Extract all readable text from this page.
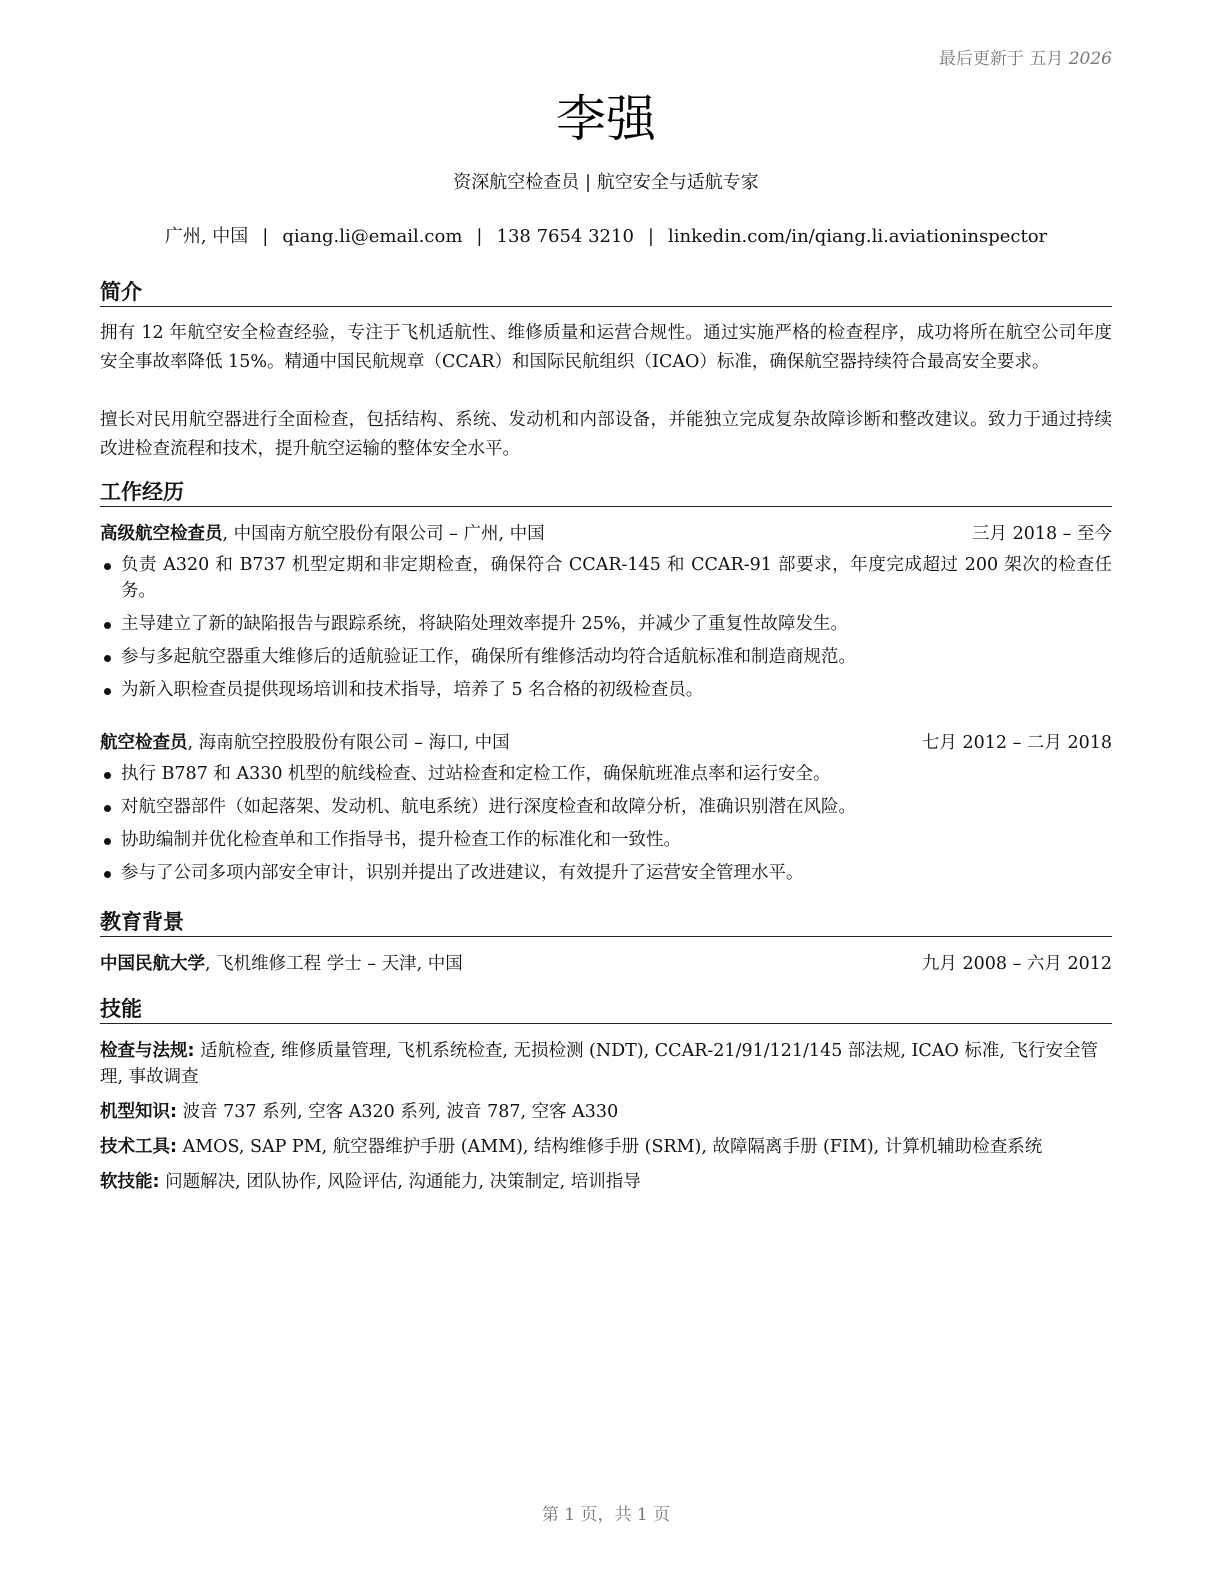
最后更新于 五月 2026
李强
资深航空检查员 | 航空安全与适航专家
广州, 中国 | qiang.li@email.com | 138 7654 3210 | linkedin.com/in/qiang.li.aviationinspector
简介
拥有 12 年航空安全检查经验，专注于飞机适航性、维修质量和运营合规性。通过实施严格的检查程序，成功将所在航空公司年度安全事故率降低 15%。精通中国民航规章（CCAR）和国际民航组织（ICAO）标准，确保航空器持续符合最高安全要求。
擅长对民用航空器进行全面检查，包括结构、系统、发动机和内部设备，并能独立完成复杂故障诊断和整改建议。致力于通过持续改进检查流程和技术，提升航空运输的整体安全水平。
工作经历
高级航空检查员, 中国南方航空股份有限公司 – 广州, 中国	三月 2018 – 至今
负责 A320 和 B737 机型定期和非定期检查，确保符合 CCAR-145 和 CCAR-91 部要求，年度完成超过 200 架次的检查任务。
主导建立了新的缺陷报告与跟踪系统，将缺陷处理效率提升 25%，并减少了重复性故障发生。
参与多起航空器重大维修后的适航验证工作，确保所有维修活动均符合适航标准和制造商规范。
为新入职检查员提供现场培训和技术指导，培养了 5 名合格的初级检查员。
航空检查员, 海南航空控股股份有限公司 – 海口, 中国	七月 2012 – 二月 2018
执行 B787 和 A330 机型的航线检查、过站检查和定检工作，确保航班准点率和运行安全。
对航空器部件（如起落架、发动机、航电系统）进行深度检查和故障分析，准确识别潜在风险。
协助编制并优化检查单和工作指导书，提升检查工作的标准化和一致性。
参与了公司多项内部安全审计，识别并提出了改进建议，有效提升了运营安全管理水平。
教育背景
中国民航大学, 飞机维修工程 学士 – 天津, 中国	九月 2008 – 六月 2012
技能
检查与法规: 适航检查, 维修质量管理, 飞机系统检查, 无损检测 (NDT), CCAR-21/91/121/145 部法规, ICAO 标准, 飞行安全管理, 事故调查
机型知识: 波音 737 系列, 空客 A320 系列, 波音 787, 空客 A330
技术工具: AMOS, SAP PM, 航空器维护手册 (AMM), 结构维修手册 (SRM), 故障隔离手册 (FIM), 计算机辅助检查系统
软技能: 问题解决, 团队协作, 风险评估, 沟通能力, 决策制定, 培训指导
第 1 页，共 1 页
